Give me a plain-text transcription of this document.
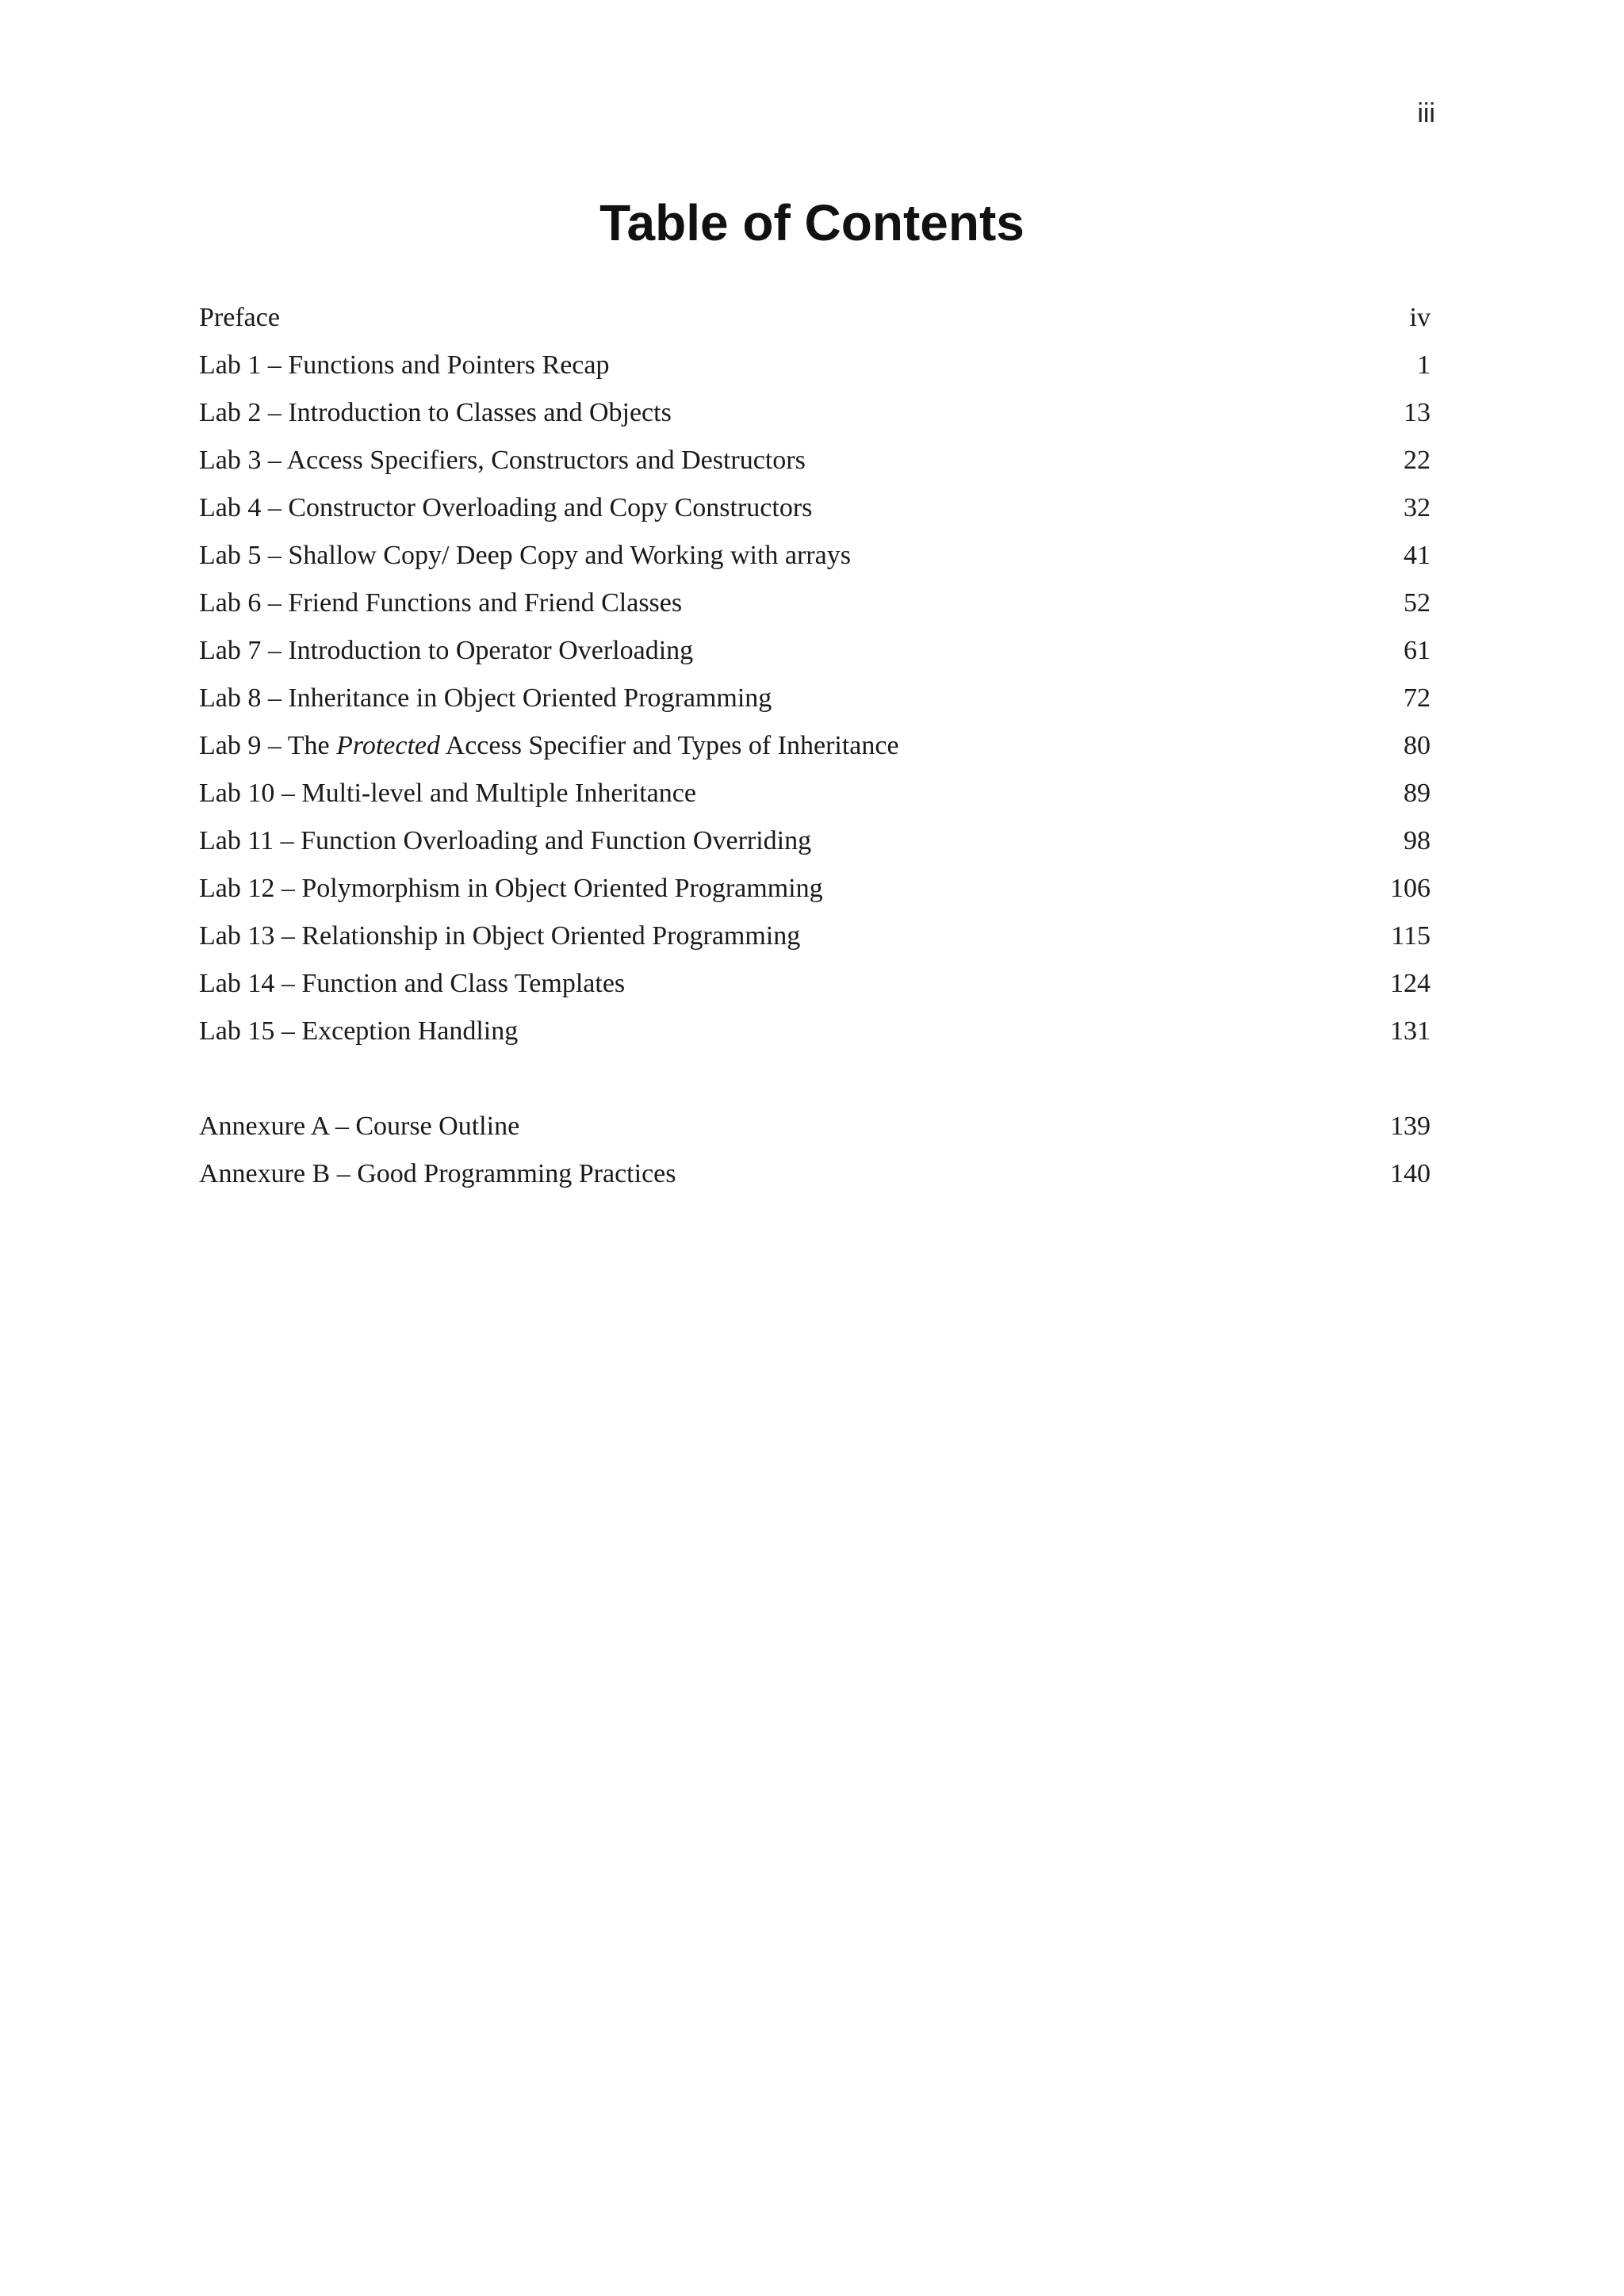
iii
Table of Contents
Preface	iv
Lab 1 – Functions and Pointers Recap	1
Lab 2 – Introduction to Classes and Objects	13
Lab 3 – Access Specifiers, Constructors and Destructors	22
Lab 4 – Constructor Overloading and Copy Constructors	32
Lab 5 – Shallow Copy/ Deep Copy and Working with arrays	41
Lab 6 – Friend Functions and Friend Classes	52
Lab 7 – Introduction to Operator Overloading	61
Lab 8 – Inheritance in Object Oriented Programming	72
Lab 9 – The Protected Access Specifier and Types of Inheritance	80
Lab 10 – Multi-level and Multiple Inheritance	89
Lab 11 – Function Overloading and Function Overriding	98
Lab 12 – Polymorphism in Object Oriented Programming	106
Lab 13 – Relationship in Object Oriented Programming	115
Lab 14 – Function and Class Templates	124
Lab 15 – Exception Handling	131
Annexure A – Course Outline	139
Annexure B – Good Programming Practices	140
